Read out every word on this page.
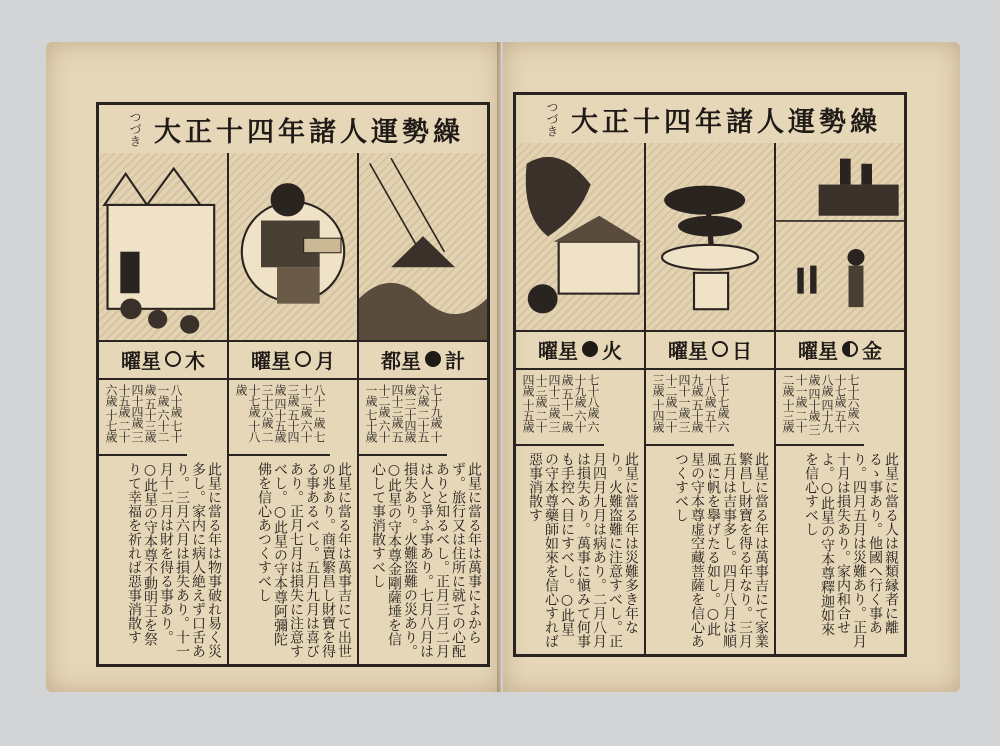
つづき 大正十四年諸人運勢繰
曜星 木
八十歲 七十一歲 六十二歲 五十三歲 四十四歲 三十五歲 二十六歲 十七歲
此星に當る年は物事破れ易く災多し。家内に病人絶えず口舌あり。三月六月は損失あり。十一月十二月は財を得る事あり。○此星の守本尊不動明王を祭りて幸福を祈れば惡事消散す
曜星 月
八十一歲 七十二歲 六十三歲 五十四歲 四十五歲 三十六歲 二十七歲 十八歲
此星に當る年は萬事吉にて出世の兆あり。商賣繁昌し財寶を得る事あるべし。五月九月は喜びあり。正月七月は損失に注意すべし。○此星の守本尊阿彌陀佛を信心あつくすべし
都星 計
七十九歲 十六歲 二十五歲 三十四歲 四十三歲 五十二歲 六十一歲 七十歲
此星に當る年は萬事によからず。旅行又は住所に就ての心配ありと知るべし。正月三月二月は人と爭ふ事あり。七月八月は損失あり。火難盗難の災あり。○此星の守本尊金剛薩埵を信心して事消散すべし
つづき 大正十四年諸人運勢繰
曜星 火
七十八歲 六十九歲 六十歲 五十一歲 四十二歲 三十三歲 二十四歲 十五歲
此星に當る年は災難多き年なり。火難盗難に注意すべし。正月四月九月は病あり。二月八月は損失あり。萬事に愼みて何事も手控へ目にすべし。○此星の守本尊藥師如來を信心すれば惡事消散す
曜星 日
七十七歲 六十八歲 五十九歲 五十歲 四十一歲 三十二歲 二十三歲 十四歲
此星に當る年は萬事吉にて家業繁昌し財寶を得る年なり。三月五月は吉事多し。四月八月は順風に帆を擧げたる如し。○此星の守本尊虚空藏菩薩を信心あつくすべし
曜星 金
七十六歲 六十七歲 五十八歲 四十九歲 四十歲 三十一歲 二十二歲 十三歲
此星に當る人は親類縁者に離るゝ事あり。他國へ行く事あり。四月五月は災難あり。正月十月は損失あり。家内和合せよ。○此星の守本尊釋迦如來を信心すべし
